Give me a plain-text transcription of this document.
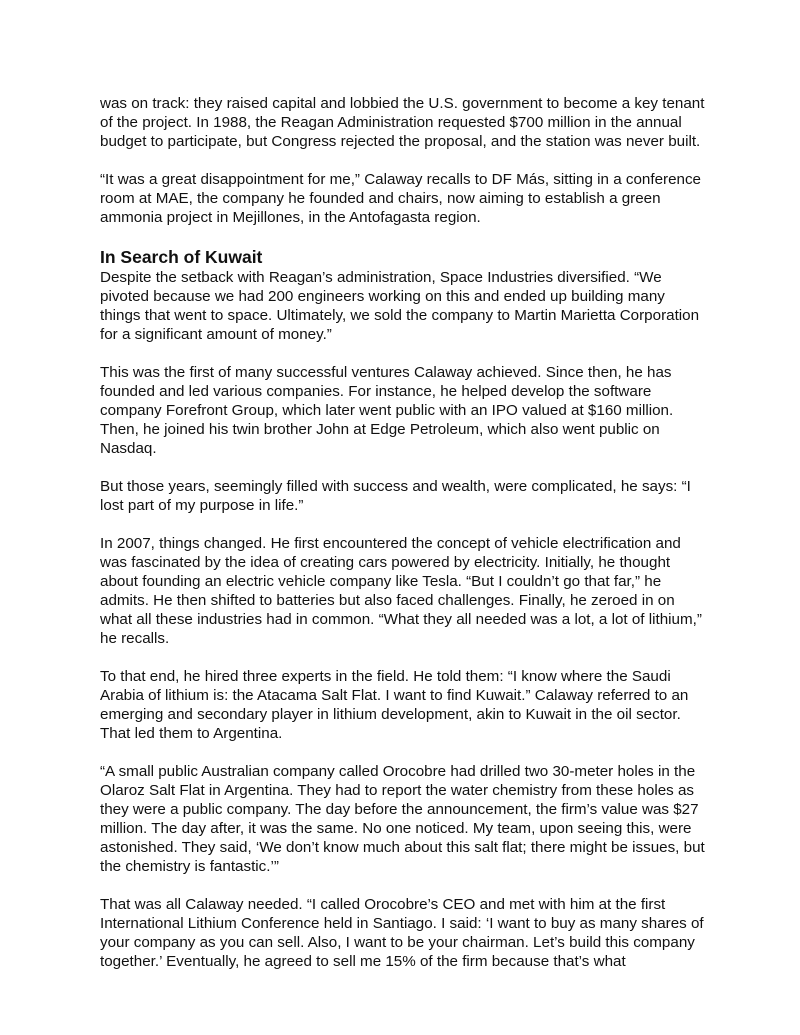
was on track: they raised capital and lobbied the U.S. government to become a key tenant of the project. In 1988, the Reagan Administration requested $700 million in the annual budget to participate, but Congress rejected the proposal, and the station was never built.

“It was a great disappointment for me,” Calaway recalls to DF Más, sitting in a conference room at MAE, the company he founded and chairs, now aiming to establish a green ammonia project in Mejillones, in the Antofagasta region.

In Search of Kuwait

Despite the setback with Reagan’s administration, Space Industries diversified. “We pivoted because we had 200 engineers working on this and ended up building many things that went to space. Ultimately, we sold the company to Martin Marietta Corporation for a significant amount of money.”

This was the first of many successful ventures Calaway achieved. Since then, he has founded and led various companies. For instance, he helped develop the software company Forefront Group, which later went public with an IPO valued at $160 million. Then, he joined his twin brother John at Edge Petroleum, which also went public on Nasdaq.

But those years, seemingly filled with success and wealth, were complicated, he says: “I lost part of my purpose in life.”

In 2007, things changed. He first encountered the concept of vehicle electrification and was fascinated by the idea of creating cars powered by electricity. Initially, he thought about founding an electric vehicle company like Tesla. “But I couldn’t go that far,” he admits. He then shifted to batteries but also faced challenges. Finally, he zeroed in on what all these industries had in common. “What they all needed was a lot, a lot of lithium,” he recalls.

To that end, he hired three experts in the field. He told them: “I know where the Saudi Arabia of lithium is: the Atacama Salt Flat. I want to find Kuwait.” Calaway referred to an emerging and secondary player in lithium development, akin to Kuwait in the oil sector. That led them to Argentina.

“A small public Australian company called Orocobre had drilled two 30-meter holes in the Olaroz Salt Flat in Argentina. They had to report the water chemistry from these holes as they were a public company. The day before the announcement, the firm’s value was $27 million. The day after, it was the same. No one noticed. My team, upon seeing this, were astonished. They said, ‘We don’t know much about this salt flat; there might be issues, but the chemistry is fantastic.’”

That was all Calaway needed. “I called Orocobre’s CEO and met with him at the first International Lithium Conference held in Santiago. I said: ‘I want to buy as many shares of your company as you can sell. Also, I want to be your chairman. Let’s build this company together.’ Eventually, he agreed to sell me 15% of the firm because that’s what
